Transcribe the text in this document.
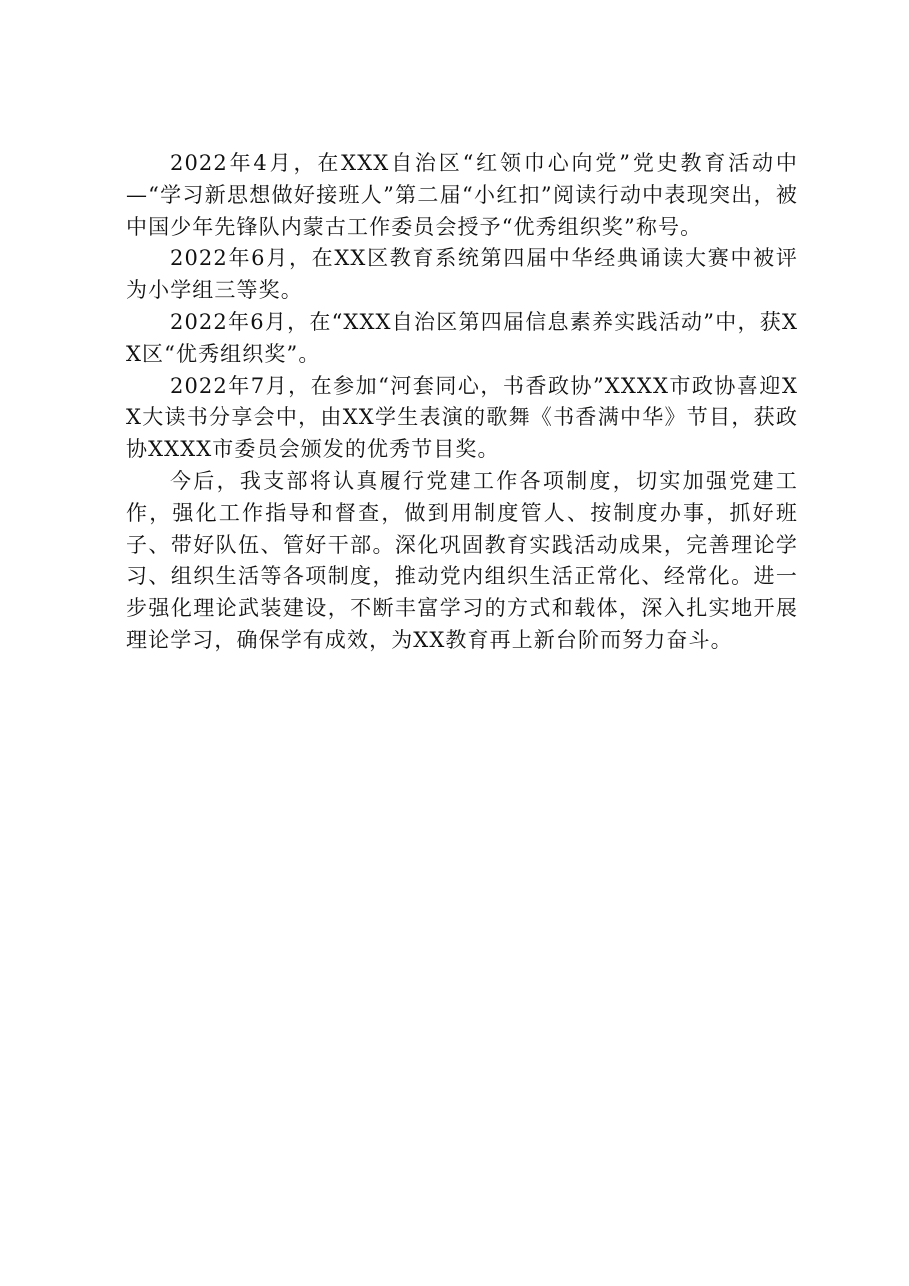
2022年4月，在XXX自治区“红领巾心向党”党史教育活动中—“学习新思想做好接班人”第二届“小红扣”阅读行动中表现突出，被中国少年先锋队内蒙古工作委员会授予“优秀组织奖”称号。

2022年6月，在XX区教育系统第四届中华经典诵读大赛中被评为小学组三等奖。

2022年6月，在“XXX自治区第四届信息素养实践活动”中，获XX区“优秀组织奖”。

2022年7月，在参加“河套同心，书香政协”XXXX市政协喜迎XX大读书分享会中，由XX学生表演的歌舞《书香满中华》节目，获政协XXXX市委员会颁发的优秀节目奖。

今后，我支部将认真履行党建工作各项制度，切实加强党建工作，强化工作指导和督查，做到用制度管人、按制度办事，抓好班子、带好队伍、管好干部。深化巩固教育实践活动成果，完善理论学习、组织生活等各项制度，推动党内组织生活正常化、经常化。进一步强化理论武装建设，不断丰富学习的方式和载体，深入扎实地开展理论学习，确保学有成效，为XX教育再上新台阶而努力奋斗。
